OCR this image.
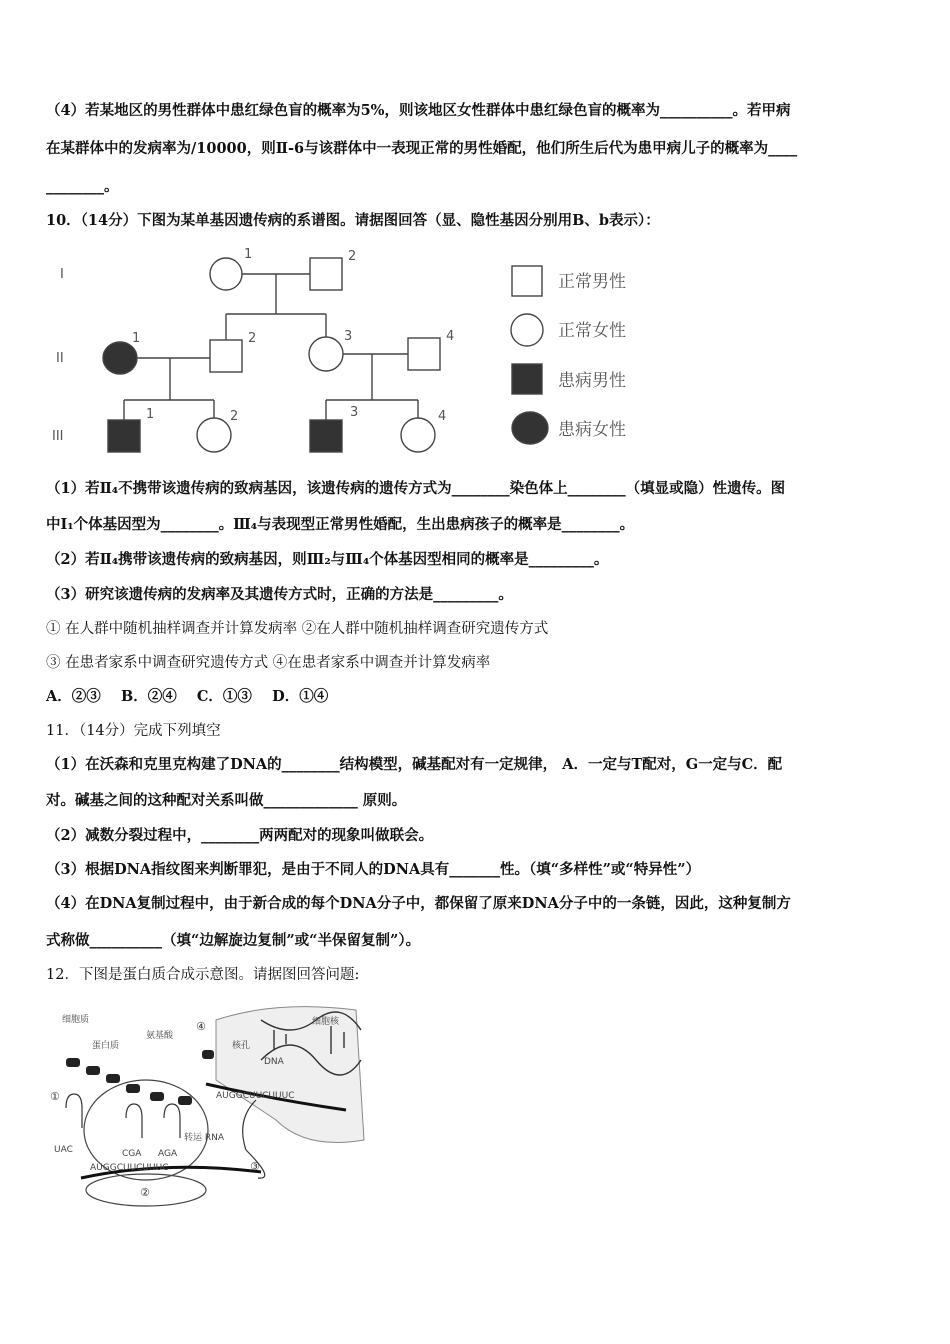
（4）若某地区的男性群体中患红绿色盲的概率为5%，则该地区女性群体中患红绿色盲的概率为__________。若甲病
在某群体中的发病率为/10000，则Ⅱ-6与该群体中一表现正常的男性婚配，他们所生后代为患甲病儿子的概率为____
________。
10．（14分）下图为某单基因遗传病的系谱图。请据图回答（显、隐性基因分别用B、b表示）：
I
II
III
1	2
1	2	3	4
1	2	3	4
正常男性
正常女性
患病男性
患病女性
（1）若Ⅱ₄不携带该遗传病的致病基因，该遗传病的遗传方式为________染色体上________（填显或隐）性遗传。图
中Ⅰ₁个体基因型为________。Ⅲ₄与表现型正常男性婚配，生出患病孩子的概率是________。
（2）若Ⅱ₄携带该遗传病的致病基因，则Ⅲ₂与Ⅲ₄个体基因型相同的概率是_________。
（3）研究该遗传病的发病率及其遗传方式时，正确的方法是_________。
① 在人群中随机抽样调查并计算发病率 ②在人群中随机抽样调查研究遗传方式
③ 在患者家系中调查研究遗传方式 ④在患者家系中调查并计算发病率
A．②③    B．②④    C．①③    D．①④
11．（14分）完成下列填空
（1）在沃森和克里克构建了DNA的________结构模型，碱基配对有一定规律， A．一定与T配对，G一定与C．配
对。碱基之间的这种配对关系叫做_____________ 原则。
（2）减数分裂过程中，________两两配对的现象叫做联会。
（3）根据DNA指纹图来判断罪犯，是由于不同人的DNA具有_______性。（填“多样性”或“特异性”）
（4）在DNA复制过程中，由于新合成的每个DNA分子中，都保留了原来DNA分子中的一条链，因此，这种复制方
式称做__________（填“边解旋边复制”或“半保留复制”）。
12．下图是蛋白质合成示意图。请据图回答问题:
细胞质
蛋白质
氨基酸
细胞核
核孔
DNA
转运 RNA
UAC	CGA AGA
AUGGCUUCUUUC
AUGGCUUCUUUC
①
②
③
④
